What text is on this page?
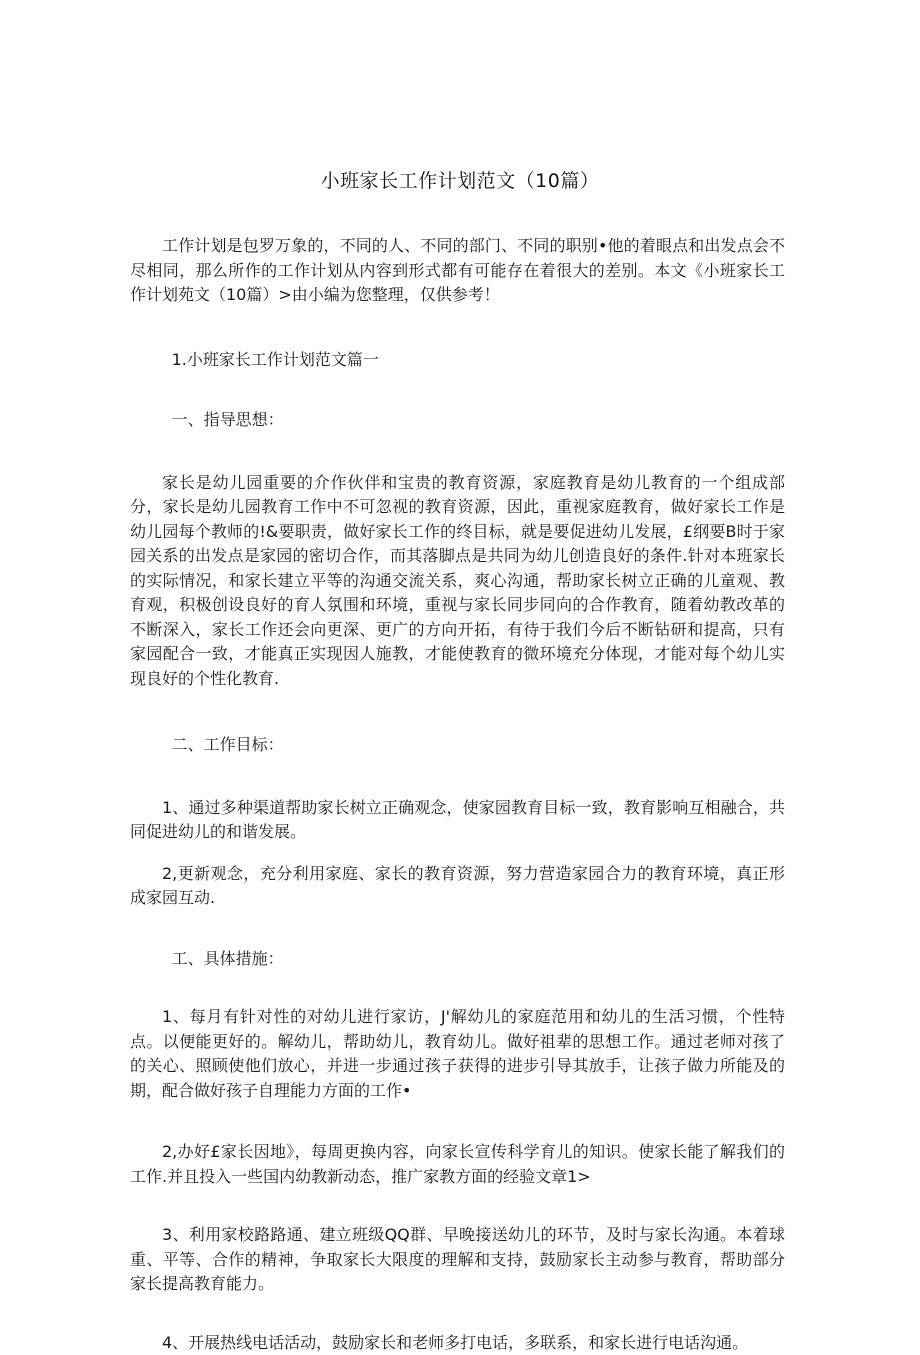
小班家长工作计划范文（10篇）

工作计划是包罗万象的，不同的人、不同的部门、不同的职别•他的着眼点和出发点会不尽相同，那么所作的工作计划从内容到形式都有可能存在着很大的差别。本文《小班家长工作计划苑文（10篇）>由小编为您整理，仅供参考！

1.小班家长工作计划范文篇一

一、指导思想：

家长是幼儿园重要的介作伙伴和宝贵的教育资源，家庭教育是幼儿教育的一个组成部分，家长是幼儿园教育工作中不可忽视的教育资源，因此，重视家庭教育，做好家长工作是幼儿园每个教师的!&要职责，做好家长工作的终目标，就是要促进幼儿发展，£纲要B时于家园关系的出发点是家园的密切合作，而其落脚点是共同为幼儿创造良好的条件.针对本班家长的实际情况，和家长建立平等的沟通交流关系，爽心沟通，帮助家长树立正确的儿童观、教育观，积极创设良好的育人氛围和环境，重视与家长同步同向的合作教育，随着幼教改革的不断深入，家长工作还会向更深、更广的方向开拓，有待于我们今后不断钻研和提高，只有家园配合一致，才能真正实现因人施教，才能使教育的微环境充分体现，才能对每个幼儿实现良好的个性化教育.

二、工作目标：

1、通过多种渠道帮助家长树立正确观念，使家园教育目标一致，教育影响互相融合，共同促进幼儿的和谐发展。

2,更新观念，充分利用家庭、家长的教育资源，努力营造家园合力的教育环境，真正形成家园互动.

工、具体措施：

1、每月有针对性的对幼儿进行家访，J'解幼儿的家庭范用和幼儿的生活习惯，个性特点。以便能更好的。解幼儿，帮助幼儿，教育幼儿。做好祖辈的思想工作。通过老师对孩了的关心、照顾使他们放心，并进一步通过孩子获得的进步引导其放手，让孩子做力所能及的期，配合做好孩子自理能力方面的工作•

2,办好£家长因地》，每周更换内容，向家长宣传科学育儿的知识。使家长能了解我们的工作.并且投入一些国内幼教新动态，推广家教方面的经验文章1>

3、利用家校路路通、建立班级QQ群、早晚接送幼儿的环节，及时与家长沟通。本着球重、平等、合作的精神，争取家长大限度的理解和支持，鼓励家长主动参与教育，帮助部分家长提高教育能力。

4、开展热线电话活动，鼓励家长和老师多打电话，多联系，和家长进行电话沟通。
